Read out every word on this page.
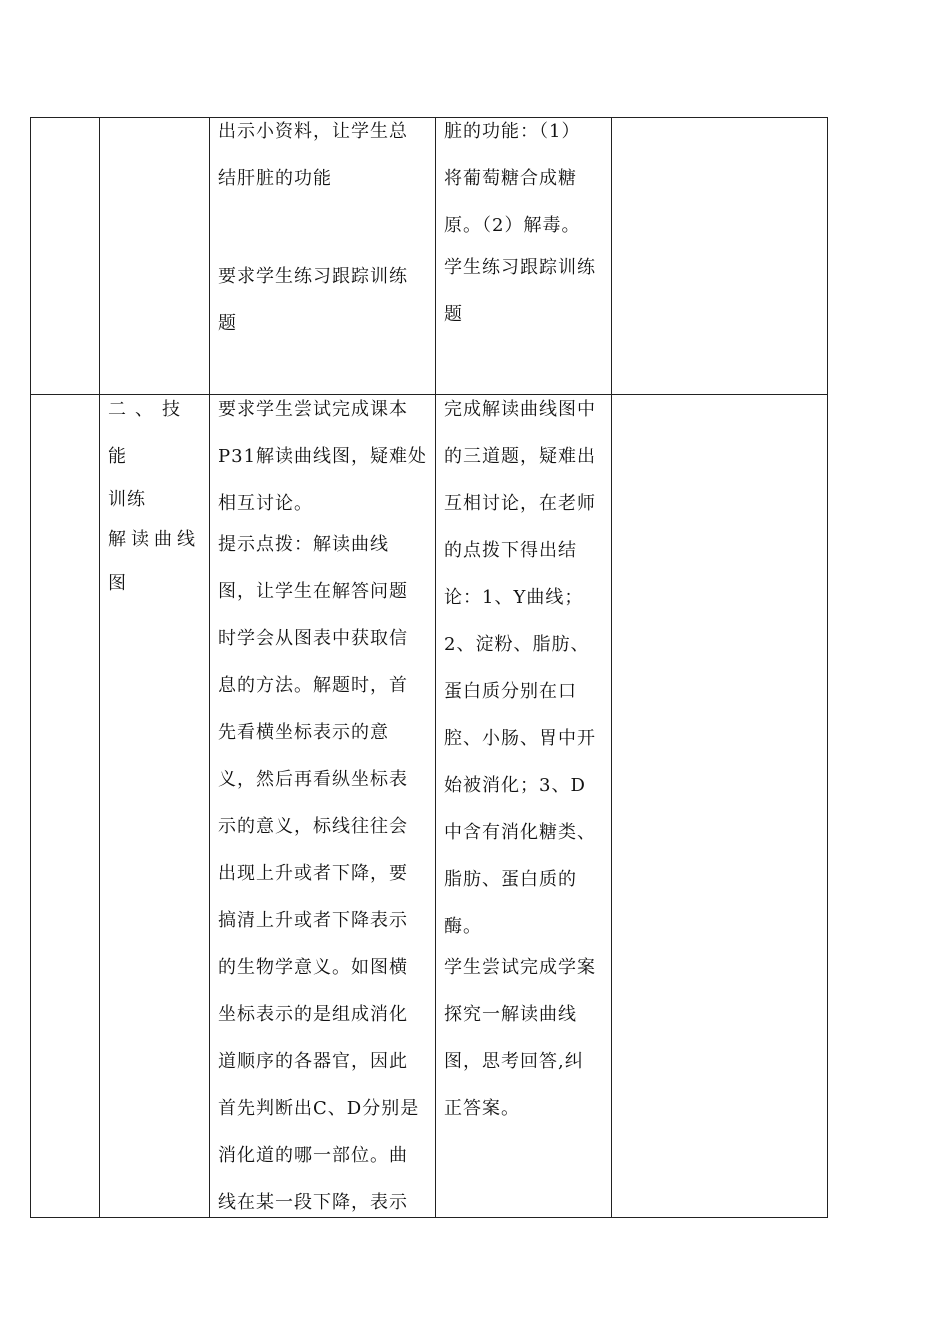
出示小资料，让学生总
结肝脏的功能

要求学生练习跟踪训练
题

脏的功能：（1）
将葡萄糖合成糖
原。（2）解毒。

学生练习跟踪训练
题

二、技能

训练

解读曲线

图

要求学生尝试完成课本
P31解读曲线图，疑难处
相互讨论。

提示点拨：解读曲线
图，让学生在解答问题
时学会从图表中获取信
息的方法。解题时，首
先看横坐标表示的意
义，然后再看纵坐标表
示的意义，标线往往会
出现上升或者下降，要
搞清上升或者下降表示
的生物学意义。如图横
坐标表示的是组成消化
道顺序的各器官，因此
首先判断出C、D分别是
消化道的哪一部位。曲
线在某一段下降，表示

完成解读曲线图中
的三道题，疑难出
互相讨论，在老师
的点拨下得出结
论：1、Y曲线；
2、淀粉、脂肪、
蛋白质分别在口
腔、小肠、胃中开
始被消化；3、D
中含有消化糖类、
脂肪、蛋白质的
酶。

学生尝试完成学案
探究一解读曲线
图，思考回答,纠
正答案。
